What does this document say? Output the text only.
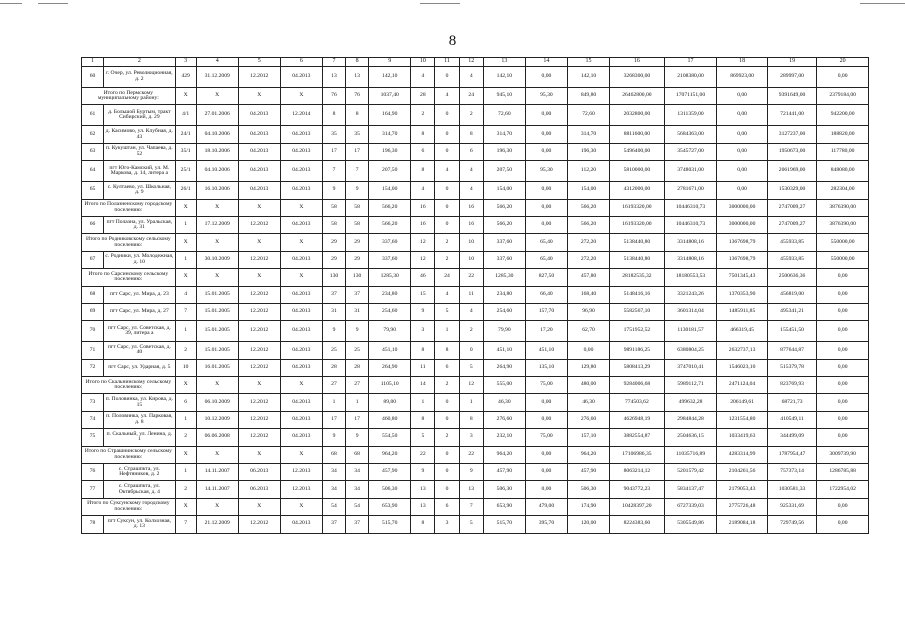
8
1	2	3	4	5	6	7	8	9	10	11	12	13	14	15	16	17	18	19	20
60	г. Очер, ул. Революционная, д. 2	429	31.12.2009	12.2012	04.2013	13	13	142,10	4	0	4	142,10	0,00	142,10	3268300,00	2108380,00	869923,00	289997,00	0,00
Итого по Пермскому муниципальному району:		X	X	X	X	76	76	1037,40	28	4	24	945,10	95,30	849,80	26462800,00	17071151,00	0,00	9391649,00	2379184,00
61	д. Большой Буртым, тракт Сибирский, д. 29	4/1	27.01.2006	04.2013	12.2014	8	8	164,90	2	0	2	72,60	0,00	72,60	2032800,00	1311359,00	0,00	721441,00	942200,00
62	д. Касимово, ул. Клубная, д. 43	24/1	04.10.2006	04.2013	04.2013	35	35	314,70	8	0	8	314,70	0,00	314,70	8811600,00	5684363,00	0,00	3127237,00	188820,00
63	п. Кукуштан, ул. Чапаева, д. 52	35/1	18.10.2006	04.2013	04.2013	17	17	196,30	6	0	6	196,30	0,00	196,30	5496400,00	3545727,00	0,00	1950673,00	117780,00
64	пгт Юго-Камский, ул. М. Маркова, д. 14, литера а	25/1	04.10.2006	04.2013	04.2013	7	7	207,50	8	4	4	207,50	95,30	112,20	5810000,00	3748031,00	0,00	2061969,00	848080,00
65	с. Култаево, ул. Школьная, д. 9	26/1	16.10.2006	04.2013	04.2013	9	9	154,00	4	0	4	154,00	0,00	154,00	4312000,00	2781671,00	0,00	1530329,00	282304,00
Итого по Полазненскому городскому поселению:		X	X	X	X	58	58	566,20	16	0	16	566,20	0,00	566,20	16193320,00	10446310,73	3000000,00	2747009,27	3876390,00
66	пгт Полазна, ул. Уральская, д. 31	1	17.12.2009	12.2012	04.2013	58	58	566,20	16	0	16	566,20	0,00	566,20	16193320,00	10446310,73	3000000,00	2747009,27	3876390,00
Итого по Родниковскому сельскому поселению:		X	X	X	X	29	29	337,60	12	2	10	337,60	65,40	272,20	5138440,80	3314808,16	1367698,79	455933,85	550000,00
67	с. Родники, ул. Молодежная, д. 10	1	30.10.2009	12.2012	04.2013	29	29	337,60	12	2	10	337,60	65,40	272,20	5138440,80	3314808,16	1367698,79	455933,85	550000,00
Итого по Сарсинскому сельскому поселению:		X	X	X	X	130	130	1285,30	46	24	22	1285,30	827,50	457,80	28182535,32	18180553,53	7501345,43	2500636,36	0,00
68	пгт Сарс, ул. Мира, д. 23	4	15.01.2005	12.2012	04.2013	37	37	234,80	15	4	11	234,80	66,40	168,40	5148416,16	3321243,26	1370353,90	456819,00	0,00
69	пгт Сарс, ул. Мира, д. 27	7	15.01.2005	12.2012	04.2013	31	31	254,60	9	5	4	254,60	157,70	96,90	5582567,10	3601314,04	1485911,85	495341,21	0,00
70	пгт Сарс, ул. Советская, д. 39, литера а	1	15.01.2005	12.2012	04.2013	9	9	79,90	3	1	2	79,90	17,20	62,70	1751952,52	1130181,57	466319,45	155451,50	0,00
71	пгт Сарс, ул. Советская, д. 40	2	15.01.2005	12.2012	04.2013	25	25	451,10	8	8	0	451,10	451,10	0,00	9891186,25	6380804,25	2632737,13	877644,87	0,00
72	пгт Сарс, ул. Ударная, д. 5	10	16.01.2005	12.2012	04.2013	28	28	264,90	11	6	5	264,90	135,10	129,80	5808413,29	3747010,41	1546023,10	515379,78	0,00
Итого по Скальнинскому сельскому поселению:		X	X	X	X	27	27	1105,10	14	2	12	555,00	75,00	480,00	9284006,68	5989112,71	2471124,04	823769,93	0,00
73	п. Половинка, ул. Кирова, д. 15	6	06.10.2009	12.2012	04.2013	1	1	89,80	1	0	1	46,30	0,00	46,30	774503,62	499632,28	206149,61	68721,73	0,00
74	п. Половинка, ул. Парковая, д. 8	1	10.12.2009	12.2012	04.2013	17	17	460,80	8	0	8	276,60	0,00	276,60	4626948,19	2984844,28	1231554,80	410549,11	0,00
75	п. Скальный, ул. Ленина, д. 1	2	06.06.2008	12.2012	04.2013	9	9	554,50	5	2	3	232,10	75,00	157,10	3882554,87	2504636,15	1033419,63	344499,09	0,00
Итого по Страшнинскому сельскому поселению:		X	X	X	X	68	68	964,20	22	0	22	964,20	0,00	964,20	17106986,35	11035716,89	4283314,99	1787954,47	3009739,90
76	с. Страшпкта, ул. Нефтяников, д. 2	1	14.11.2007	06.2013	12.2013	34	34	457,90	9	0	9	457,90	0,00	457,90	8063214,12	5201579,42	2104261,56	757373,14	1286785,88
77	с. Страшпкта, ул. Октябрьская, д. 4	2	14.11.2007	06.2013	12.2013	34	34	506,30	13	0	13	506,30	0,00	506,30	9043772,23	5834137,47	2179053,43	1030581,33	1722954,02
Итого по Суксунскому городскому поселению:		X	X	X	X	54	54	653,90	13	6	7	653,90	479,00	174,90	10428397,20	6727339,03	2775726,48	925331,69	0,00
78	пгт Суксун, ул. Колхозная, д. 13	7	21.12.2009	12.2012	04.2013	37	37	515,70	8	3	5	515,70	395,70	120,00	8224383,60	5305549,86	2189084,18	729749,56	0,00
